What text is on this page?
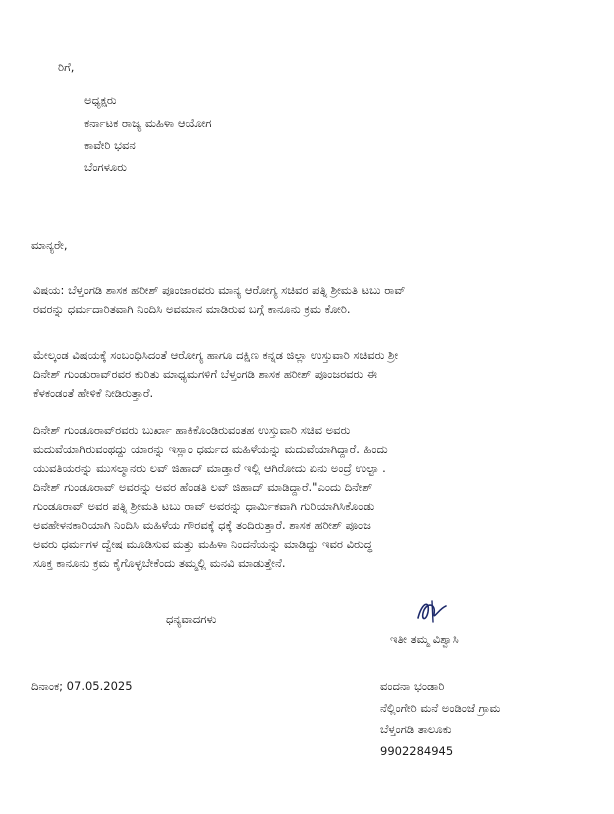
ರಿಗೆ,
ಅಧ್ಯಕ್ಷರು
ಕರ್ನಾಟಕ ರಾಜ್ಯ ಮಹಿಳಾ ಆಯೋಗ
ಕಾವೇರಿ ಭವನ
ಬೆಂಗಳೂರು
ಮಾನ್ಯರೇ,
ವಿಷಯ: ಬೆಳ್ತಂಗಡಿ ಶಾಸಕ ಹರೀಶ್ ಪೂಂಜಾರವರು ಮಾನ್ಯ ಆರೋಗ್ಯ ಸಚಿವರ ಪತ್ನಿ ಶ್ರೀಮತಿ ಟಬು ರಾವ್
ರವರನ್ನು ಧರ್ಮದಾರಿತವಾಗಿ ನಿಂದಿಸಿ ಅವಮಾನ ಮಾಡಿರುವ ಬಗ್ಗೆ ಕಾನೂನು ಕ್ರಮ ಕೋರಿ.
ಮೇಲ್ಕಂಡ ವಿಷಯಕ್ಕೆ ಸಂಬಂಧಿಸಿದಂತೆ ಆರೋಗ್ಯ ಹಾಗೂ ದಕ್ಷಿಣ ಕನ್ನಡ ಜಿಲ್ಲಾ ಉಸ್ತುವಾರಿ ಸಚಿವರು ಶ್ರೀ
ದಿನೇಶ್ ಗುಂಡುರಾವ್‌ರವರ ಕುರಿತು ಮಾಧ್ಯಮಗಳಿಗೆ ಬೆಳ್ತಂಗಡಿ ಶಾಸಕ ಹರೀಶ್ ಪೂಂಜರವರು ಈ
ಕೆಳಕಂಡಂತೆ ಹೇಳಿಕೆ ನೀಡಿರುತ್ತಾರೆ.
ದಿನೇಶ್ ಗುಂಡೂರಾವ್‌ರವರು ಬುರ್ಖಾ ಹಾಕಿಕೊಂಡಿರುವಂತಹ ಉಸ್ತುವಾರಿ ಸಚಿವ ಅವರು
ಮದುವೆಯಾಗಿರುವಂಥದ್ದು ಯಾರನ್ನು ಇಸ್ಲಾಂ ಧರ್ಮದ ಮಹಿಳೆಯನ್ನು ಮದುವೆಯಾಗಿದ್ದಾರೆ. ಹಿಂದು
ಯುವತಿಯರನ್ನು ಮುಸಲ್ಮಾನರು ಲವ್ ಜಿಹಾದ್ ಮಾಡ್ತಾರೆ ಇಲ್ಲಿ ಆಗಿರೋದು ಏನು ಅಂದ್ರೆ ಉಲ್ಟಾ .
ದಿನೇಶ್ ಗುಂಡೂರಾವ್ ಅವರನ್ನು ಅವರ ಹೆಂಡತಿ ಲವ್ ಜಿಹಾದ್ ಮಾಡಿದ್ದಾರೆ."ಎಂದು ದಿನೇಶ್
ಗುಂಡೂರಾವ್ ಅವರ ಪತ್ನಿ ಶ್ರೀಮತಿ ಟಬು ರಾವ್ ಅವರನ್ನು ಧಾರ್ಮಿಕವಾಗಿ ಗುರಿಯಾಗಿಸಿಕೊಂಡು
ಅವಹೇಳನಕಾರಿಯಾಗಿ ನಿಂದಿಸಿ ಮಹಿಳೆಯ ಗೌರವಕ್ಕೆ ಧಕ್ಕೆ ತಂದಿರುತ್ತಾರೆ. ಶಾಸಕ ಹರೀಶ್ ಪೂಂಜ
ಅವರು ಧರ್ಮಗಳ ದ್ವೇಷ ಮೂಡಿಸುವ ಮತ್ತು ಮಹಿಳಾ ನಿಂದನೆಯನ್ನು ಮಾಡಿದ್ದು ಇವರ ವಿರುದ್ಧ
ಸೂಕ್ತ ಕಾನೂನು ಕ್ರಮ ಕೈಗೊಳ್ಳಬೇಕೆಂದು ತಮ್ಮಲ್ಲಿ ಮನವಿ ಮಾಡುತ್ತೇನೆ.
ಧನ್ಯವಾದಗಳು
ಇತೀ ತಮ್ಮ ವಿಶ್ವಾಸಿ
ದಿನಾಂಕ; 07.05.2025	ವಂದನಾ ಭಂಡಾರಿ
ನೆಲ್ಲಿಂಗೇರಿ ಮನೆ ಅಂಡಿಂಜೆ ಗ್ರಾಮ
ಬೆಳ್ತಂಗಡಿ ತಾಲೂಕು
9902284945
